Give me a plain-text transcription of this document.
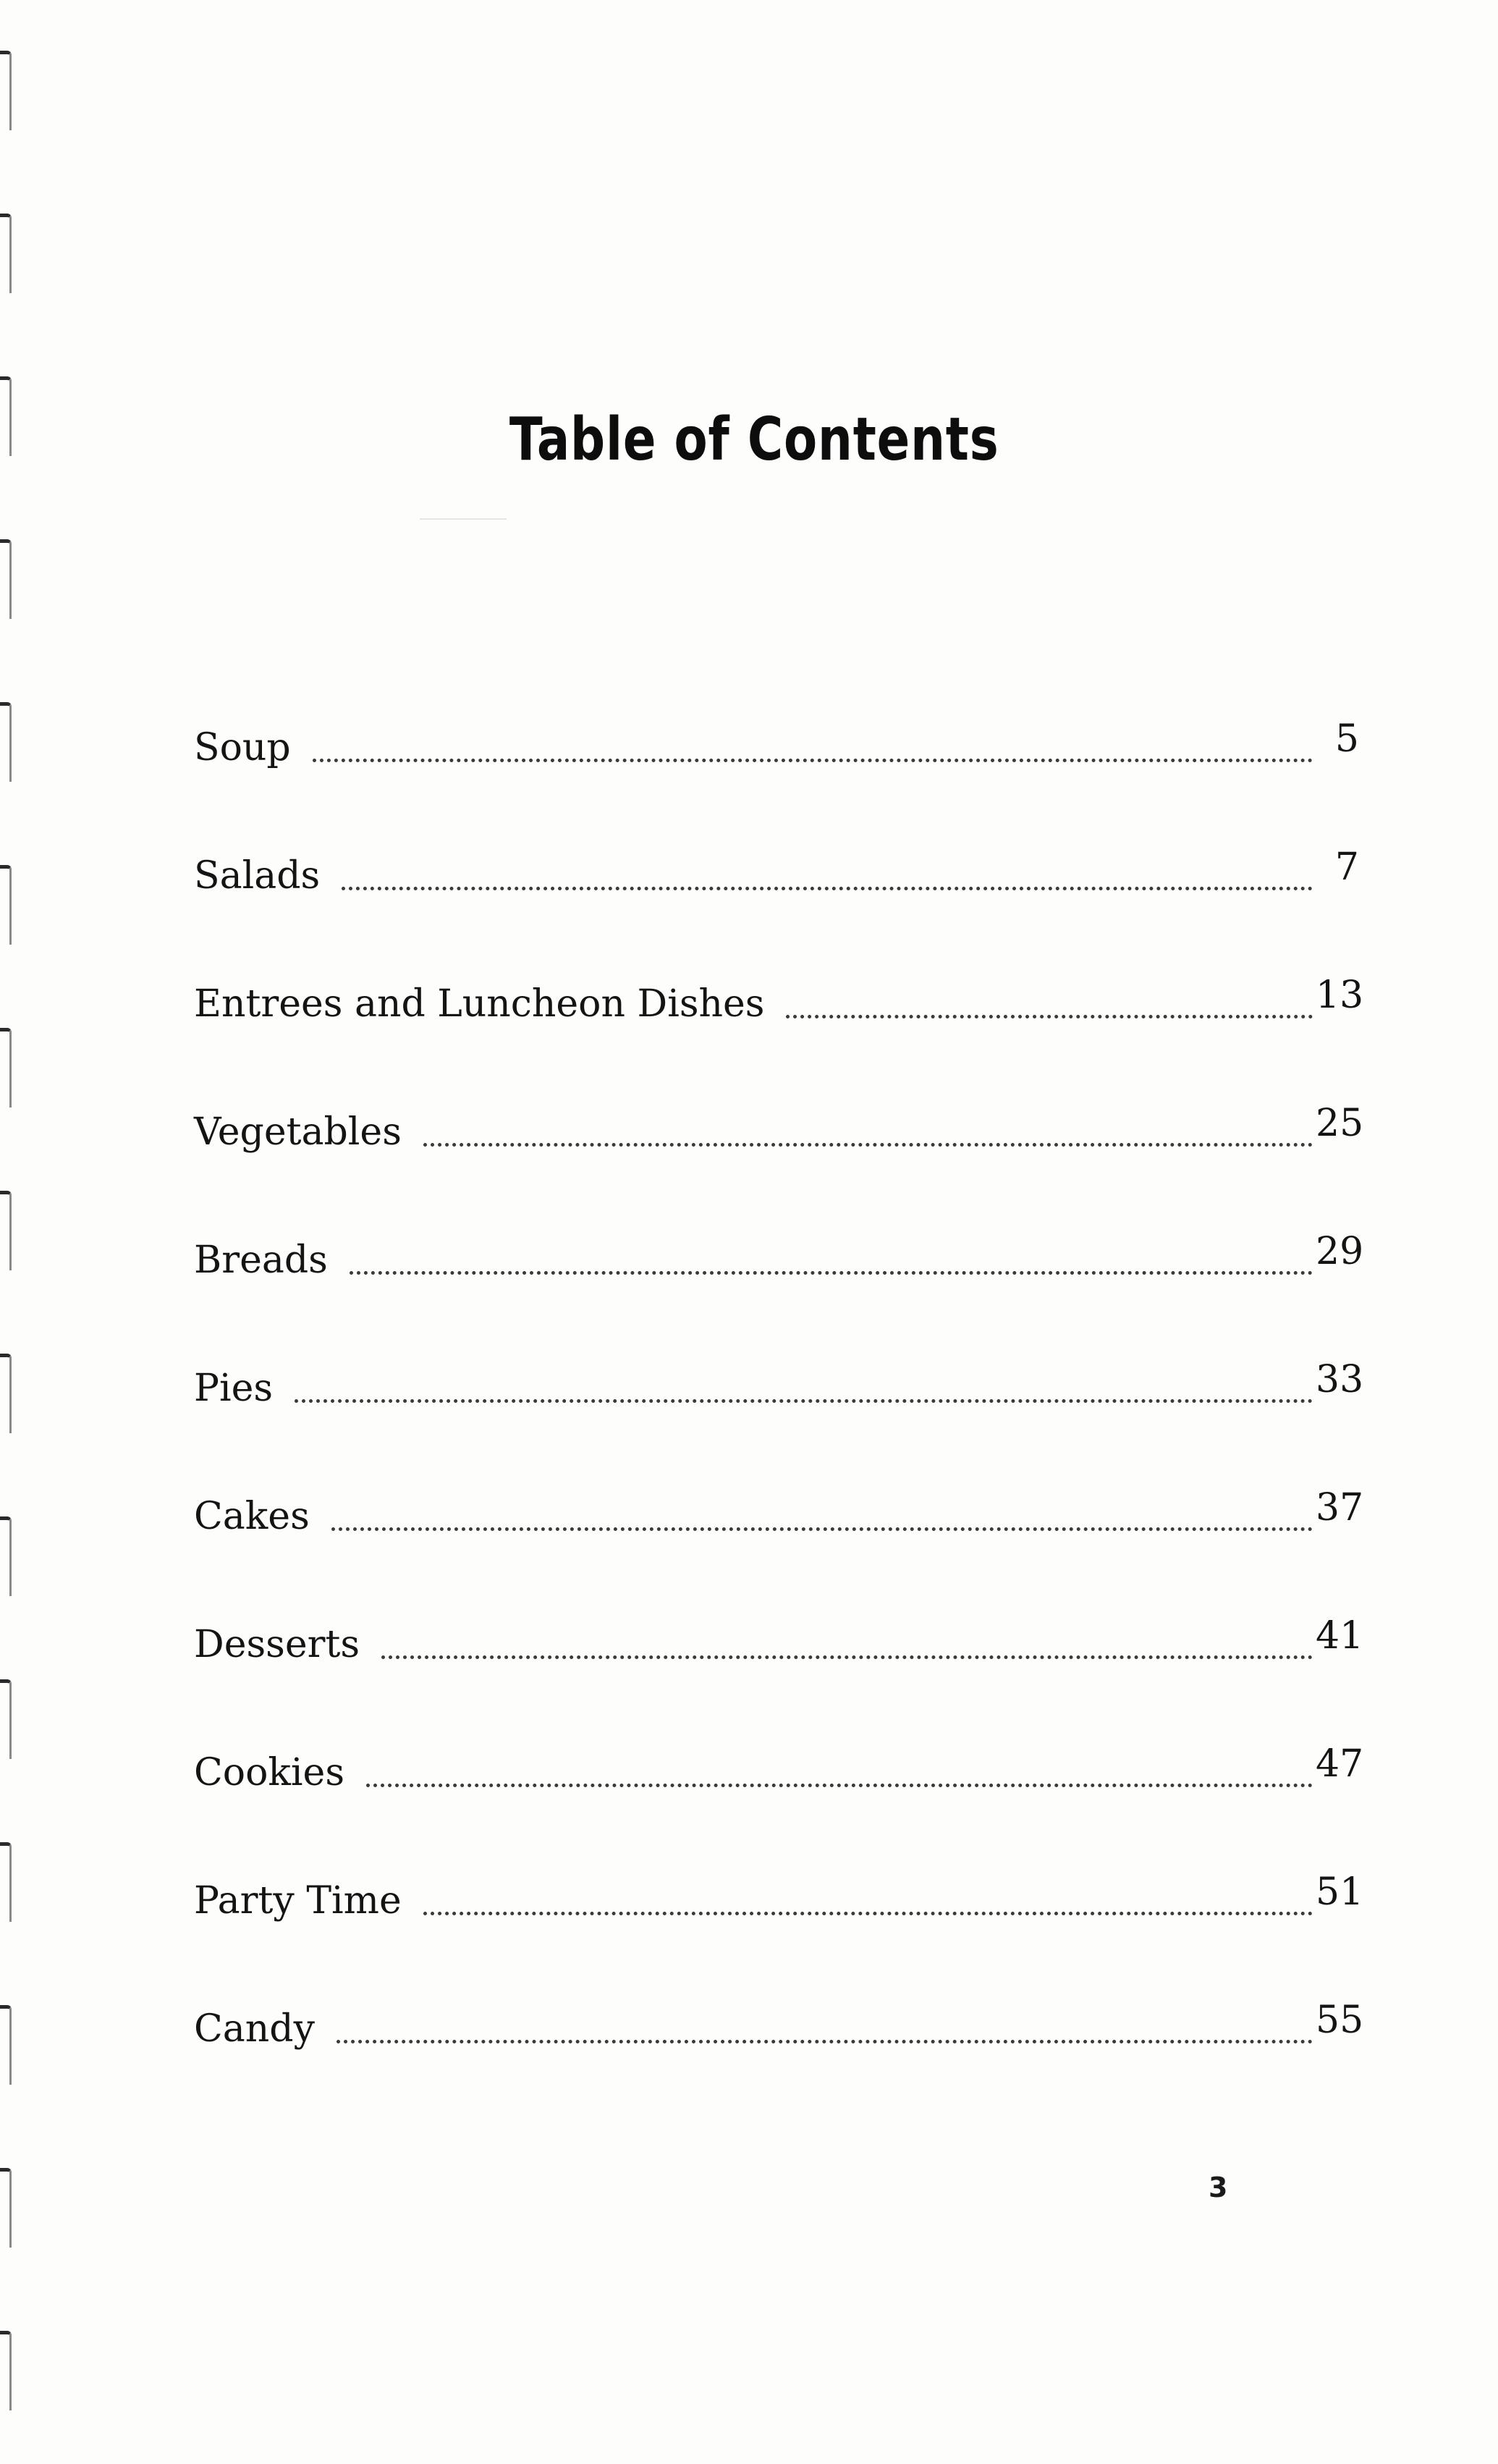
Table of Contents
Soup	5
Salads	7
Entrees and Luncheon Dishes	13
Vegetables	25
Breads	29
Pies	33
Cakes	37
Desserts	41
Cookies	47
Party Time	51
Candy	55
3
